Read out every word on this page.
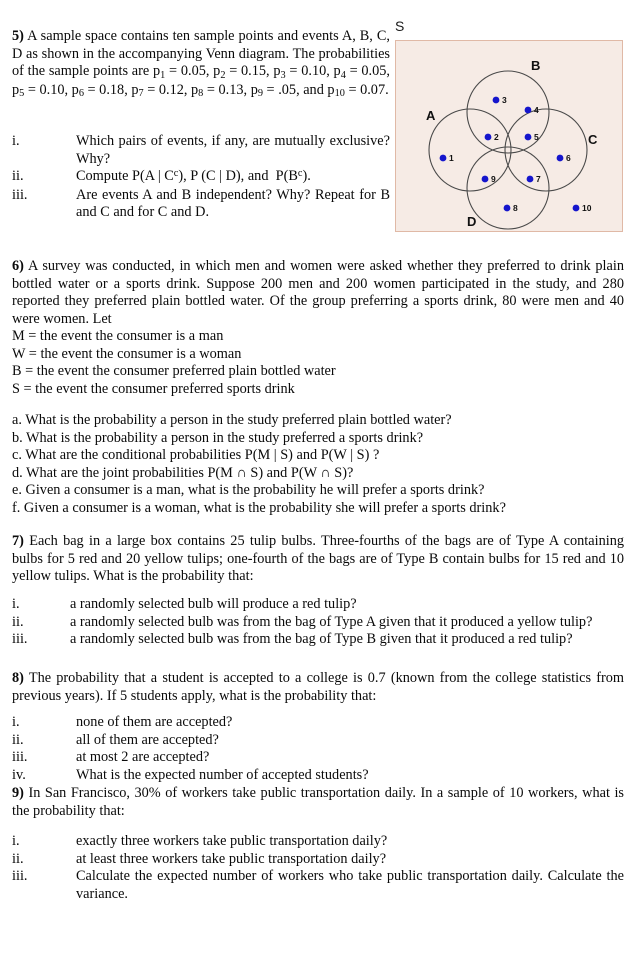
5) A sample space contains ten sample points and events A, B, C, D as shown in the accompanying Venn diagram. The probabilities of the sample points are $p_1 = 0.05$, $p_2 = 0.15$, $p_3 = 0.10$, $p_4 = 0.05$, $p_5 = 0.10$, $p_6 = 0.18$, $p_7 = 0.12$, $p_8 = 0.13$, $p_9 = .05$, and $p_{10} = 0.07$.

i.	Which pairs of events, if any, are mutually exclusive? Why?
ii.	Compute P(A | $C^c$), P (C | D), and  $P(B^c)$.
iii.	Are events A and B independent? Why? Repeat for B and C and for C and D.
S
A
B
C
D
1
3
4
2	5
6
9	7
8	10

6) A survey was conducted, in which men and women were asked whether they preferred to drink plain bottled water or a sports drink. Suppose 200 men and 200 women participated in the study, and 280 reported they preferred plain bottled water. Of the group preferring a sports drink, 80 were men and 40 were women. Let

M = the event the consumer is a man
W = the event the consumer is a woman
B = the event the consumer preferred plain bottled water
S = the event the consumer preferred sports drink
a. What is the probability a person in the study preferred plain bottled water?
b. What is the probability a person in the study preferred a sports drink?
c. What are the conditional probabilities P(M | S) and P(W | S) ?
d. What are the joint probabilities P(M ∩ S) and P(W ∩ S)?
e. Given a consumer is a man, what is the probability he will prefer a sports drink?
f. Given a consumer is a woman, what is the probability she will prefer a sports drink?

7) Each bag in a large box contains 25 tulip bulbs. Three-fourths of the bags are of Type A containing bulbs for 5 red and 20 yellow tulips; one-fourth of the bags are of Type B contain bulbs for 15 red and 10 yellow tulips. What is the probability that:

i.	a randomly selected bulb will produce a red tulip?
ii.	a randomly selected bulb was from the bag of Type A given that it produced a yellow tulip?
iii.	a randomly selected bulb was from the bag of Type B given that it produced a red tulip?

8) The probability that a student is accepted to a college is 0.7 (known from the college statistics from previous years). If 5 students apply, what is the probability that:

i.	none of them are accepted?
ii.	all of them are accepted?
iii.	at most 2 are accepted?
iv.	What is the expected number of accepted students?

9) In San Francisco, 30% of workers take public transportation daily. In a sample of 10 workers, what is the probability that:

i.	exactly three workers take public transportation daily?
ii.	at least three workers take public transportation daily?
iii.	Calculate the expected number of workers who take public transportation daily. Calculate the variance.
